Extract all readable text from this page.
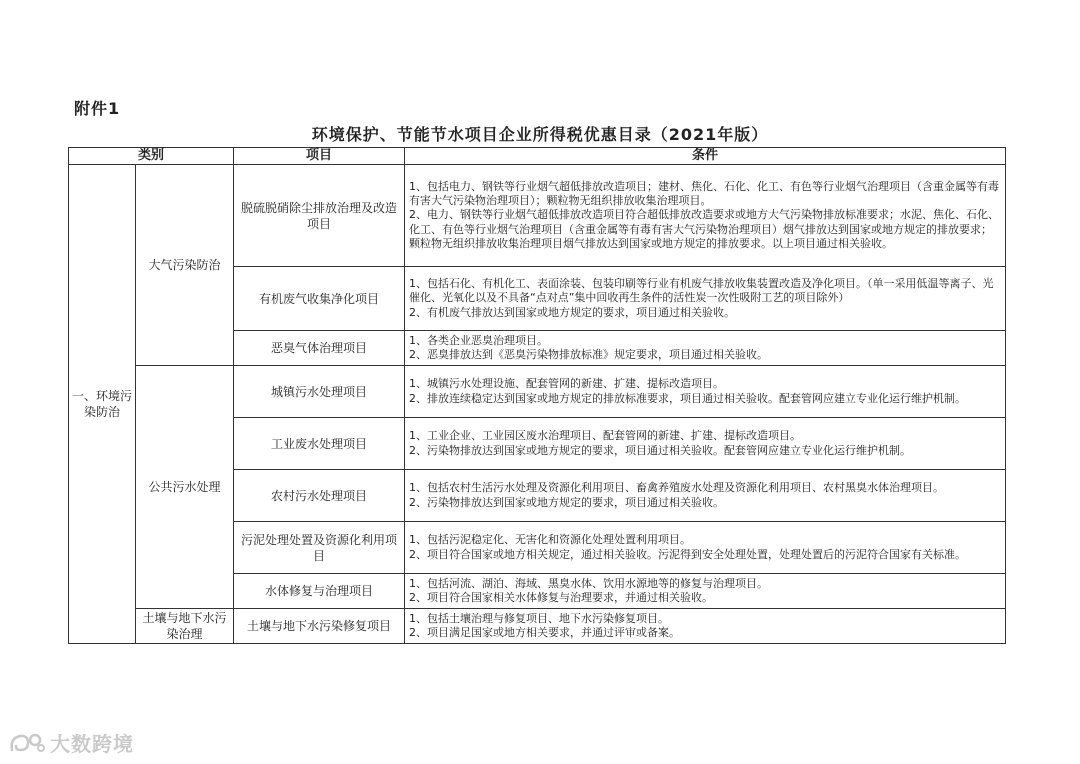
附件1
环境保护、节能节水项目企业所得税优惠目录（2021年版）
类别		项目	条件
一、环境污染防治	大气污染防治	脱硫脱硝除尘排放治理及改造项目	1、包括电力、钢铁等行业烟气超低排放改造项目；建材、焦化、石化、化工、有色等行业烟气治理项目（含重金属等有毒有害大气污染物治理项目）；颗粒物无组织排放收集治理项目。

2、电力、钢铁等行业烟气超低排放改造项目符合超低排放改造要求或地方大气污染物排放标准要求；水泥、焦化、石化、化工、有色等行业烟气治理项目（含重金属等有毒有害大气污染物治理项目）烟气排放达到国家或地方规定的排放要求；颗粒物无组织排放收集治理项目烟气排放达到国家或地方规定的排放要求。以上项目通过相关验收。

		有机废气收集净化项目	1、包括石化、有机化工、表面涂装、包装印刷等行业有机废气排放收集装置改造及净化项目。（单一采用低温等离子、光催化、光氧化以及不具备“点对点”集中回收再生条件的活性炭一次性吸附工艺的项目除外）

2、有机废气排放达到国家或地方规定的要求，项目通过相关验收。

		恶臭气体治理项目	1、各类企业恶臭治理项目。

2、恶臭排放达到《恶臭污染物排放标准》规定要求，项目通过相关验收。

	公共污水处理	城镇污水处理项目	1、城镇污水处理设施、配套管网的新建、扩建、提标改造项目。

2、排放连续稳定达到国家或地方规定的排放标准要求，项目通过相关验收。配套管网应建立专业化运行维护机制。

		工业废水处理项目	1、工业企业、工业园区废水治理项目、配套管网的新建、扩建、提标改造项目。

2、污染物排放达到国家或地方规定的要求，项目通过相关验收。配套管网应建立专业化运行维护机制。

		农村污水处理项目	1、包括农村生活污水处理及资源化利用项目、畜禽养殖废水处理及资源化利用项目、农村黑臭水体治理项目。

2、污染物排放达到国家或地方规定的要求，项目通过相关验收。

		污泥处理处置及资源化利用项目	1、包括污泥稳定化、无害化和资源化处理处置利用项目。

2、项目符合国家或地方相关规定，通过相关验收。污泥得到安全处理处置，处理处置后的污泥符合国家有关标准。

		水体修复与治理项目	1、包括河流、湖泊、海域、黑臭水体、饮用水源地等的修复与治理项目。

2、项目符合国家相关水体修复与治理要求，并通过相关验收。

	土壤与地下水污染治理	土壤与地下水污染修复项目	1、包括土壤治理与修复项目、地下水污染修复项目。

2、项目满足国家或地方相关要求，并通过评审或备案。

大数跨境
